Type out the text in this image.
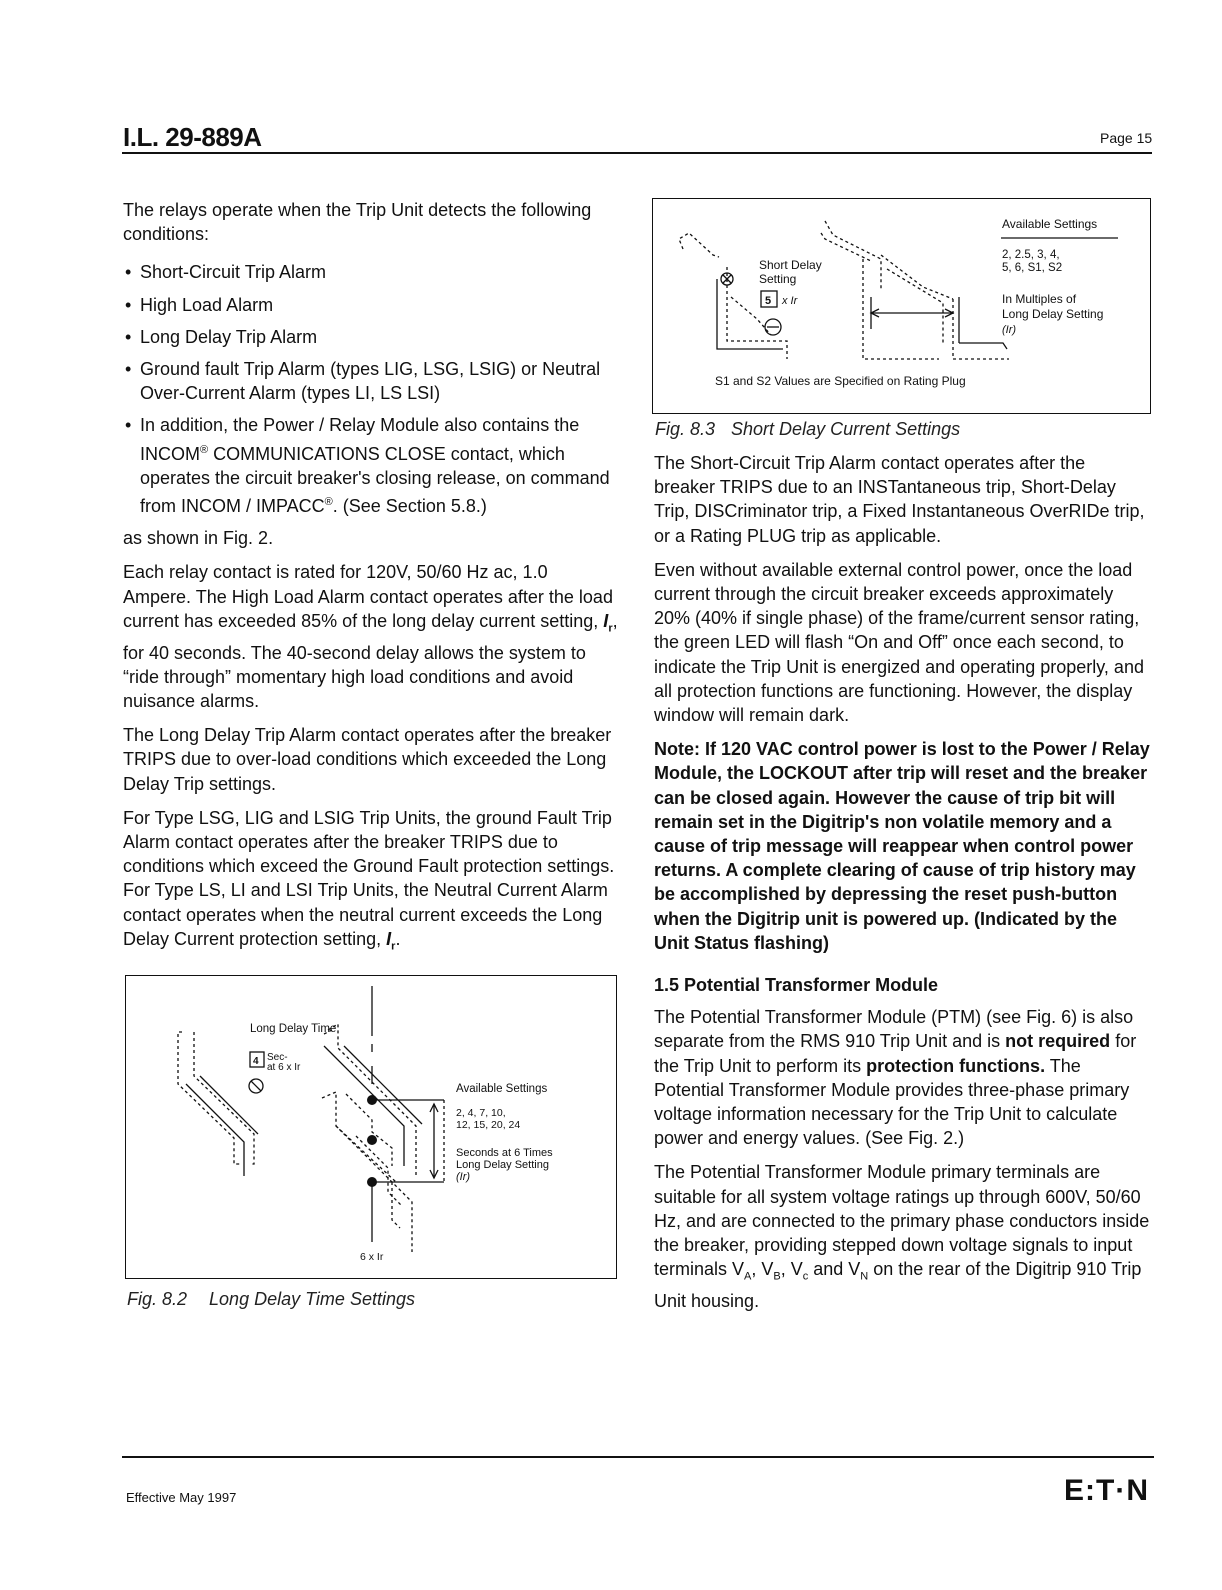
I.L. 29-889A	Page 15

The relays operate when the Trip Unit detects the following conditions:

• Short-Circuit Trip Alarm
• High Load Alarm
• Long Delay Trip Alarm
• Ground fault Trip Alarm (types LIG, LSG, LSIG) or Neutral Over-Current Alarm (types LI, LS LSI)
• In addition, the Power / Relay Module also contains the INCOM® COMMUNICATIONS CLOSE contact, which operates the circuit breaker's closing release, on command from INCOM / IMPACC®. (See Section 5.8.)

as shown in Fig. 2.

Each relay contact is rated for 120V, 50/60 Hz ac, 1.0 Ampere. The High Load Alarm contact operates after the load current has exceeded 85% of the long delay current setting, $I_r$, for 40 seconds. The 40-second delay allows the system to “ride through” momentary high load conditions and avoid nuisance alarms.

The Long Delay Trip Alarm contact operates after the breaker TRIPS due to over-load conditions which exceeded the Long Delay Trip settings.

For Type LSG, LIG and LSIG Trip Units, the ground Fault Trip Alarm contact operates after the breaker TRIPS due to conditions which exceed the Ground Fault protection settings. For Type LS, LI and LSI Trip Units, the Neutral Current Alarm contact operates when the neutral current exceeds the Long Delay Current protection setting, $I_r$.

Long Delay Time
Sec-
at 6 x Ir
4
Available Settings
2, 4, 7, 10,
12, 15, 20, 24
Seconds at 6 Times
Long Delay Setting
(Ir)
6 x Ir
Fig. 8.2 Long Delay Time Settings
Available Settings
2, 2.5, 3, 4,
5, 6, S1, S2
Short Delay
Setting
5 x Ir	In Multiples of
Long Delay Setting
(Ir)
S1 and S2 Values are Specified on Rating Plug
Fig. 8.3 Short Delay Current Settings

The Short-Circuit Trip Alarm contact operates after the breaker TRIPS due to an INSTantaneous trip, Short-Delay Trip, DISCriminator trip, a Fixed Instantaneous OverRIDe trip, or a Rating PLUG trip as applicable.

Even without available external control power, once the load current through the circuit breaker exceeds approximately 20% (40% if single phase) of the frame/current sensor rating, the green LED will flash “On and Off” once each second, to indicate the Trip Unit is energized and operating properly, and all protection functions are functioning. However, the display window will remain dark.

Note: If 120 VAC control power is lost to the Power / Relay Module, the LOCKOUT after trip will reset and the breaker can be closed again. However the cause of trip bit will remain set in the Digitrip's non volatile memory and a cause of trip message will reappear when control power returns. A complete clearing of cause of trip history may be accomplished by depressing the reset push-button when the Digitrip unit is powered up. (Indicated by the Unit Status flashing)

1.5 Potential Transformer Module

The Potential Transformer Module (PTM) (see Fig. 6) is also separate from the RMS 910 Trip Unit and is not required for the Trip Unit to perform its protection functions. The Potential Transformer Module provides three-phase primary voltage information necessary for the Trip Unit to calculate power and energy values. (See Fig. 2.)

The Potential Transformer Module primary terminals are suitable for all system voltage ratings up through 600V, 50/60 Hz, and are connected to the primary phase conductors inside the breaker, providing stepped down voltage signals to input terminals $V_A$, $V_B$, $V_c$ and $V_N$ on the rear of the Digitrip 910 Trip Unit housing.

Effective May 1997	E:T·N
